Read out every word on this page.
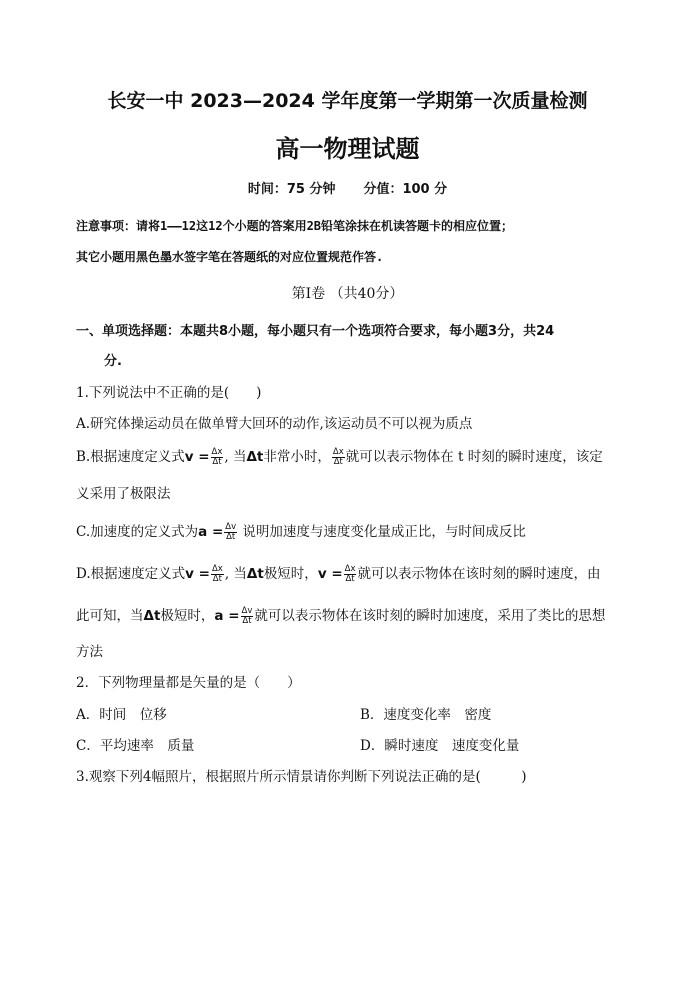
长安一中 2023—2024 学年度第一学期第一次质量检测
高一物理试题
时间：75 分钟 分值：100 分
注意事项：请将1——12这12个小题的答案用2B铅笔涂抹在机读答题卡的相应位置；
其它小题用黑色墨水签字笔在答题纸的对应位置规范作答.
第Ⅰ卷 （共40分）
一、单项选择题：本题共8小题，每小题只有一个选项符合要求，每小题3分，共24
分.
1.下列说法中不正确的是(　　)
A.研究体操运动员在做单臂大回环的动作,该运动员不可以视为质点
B.根据速度定义式$v = \frac{\Delta x}{\Delta t}$ , 当Δt非常小时， $\frac{\Delta x}{\Delta t}$ 就可以表示物体在 t 时刻的瞬时速度，该定
义采用了极限法
C.加速度的定义式为$a = \frac{\Delta v}{\Delta t}$ 说明加速度与速度变化量成正比，与时间成反比
D.根据速度定义式$v = \frac{\Delta x}{\Delta t}$ , 当Δt极短时，$v = \frac{\Delta x}{\Delta t}$ 就可以表示物体在该时刻的瞬时速度，由
此可知，当Δt极短时，$a = \frac{\Delta v}{\Delta t}$ 就可以表示物体在该时刻的瞬时加速度，采用了类比的思想
方法
2．下列物理量都是矢量的是（　　）
A．时间　位移	B．速度变化率　密度
C．平均速率　质量	D．瞬时速度　速度变化量
3.观察下列4幅照片，根据照片所示情景请你判断下列说法正确的是(　　　)
